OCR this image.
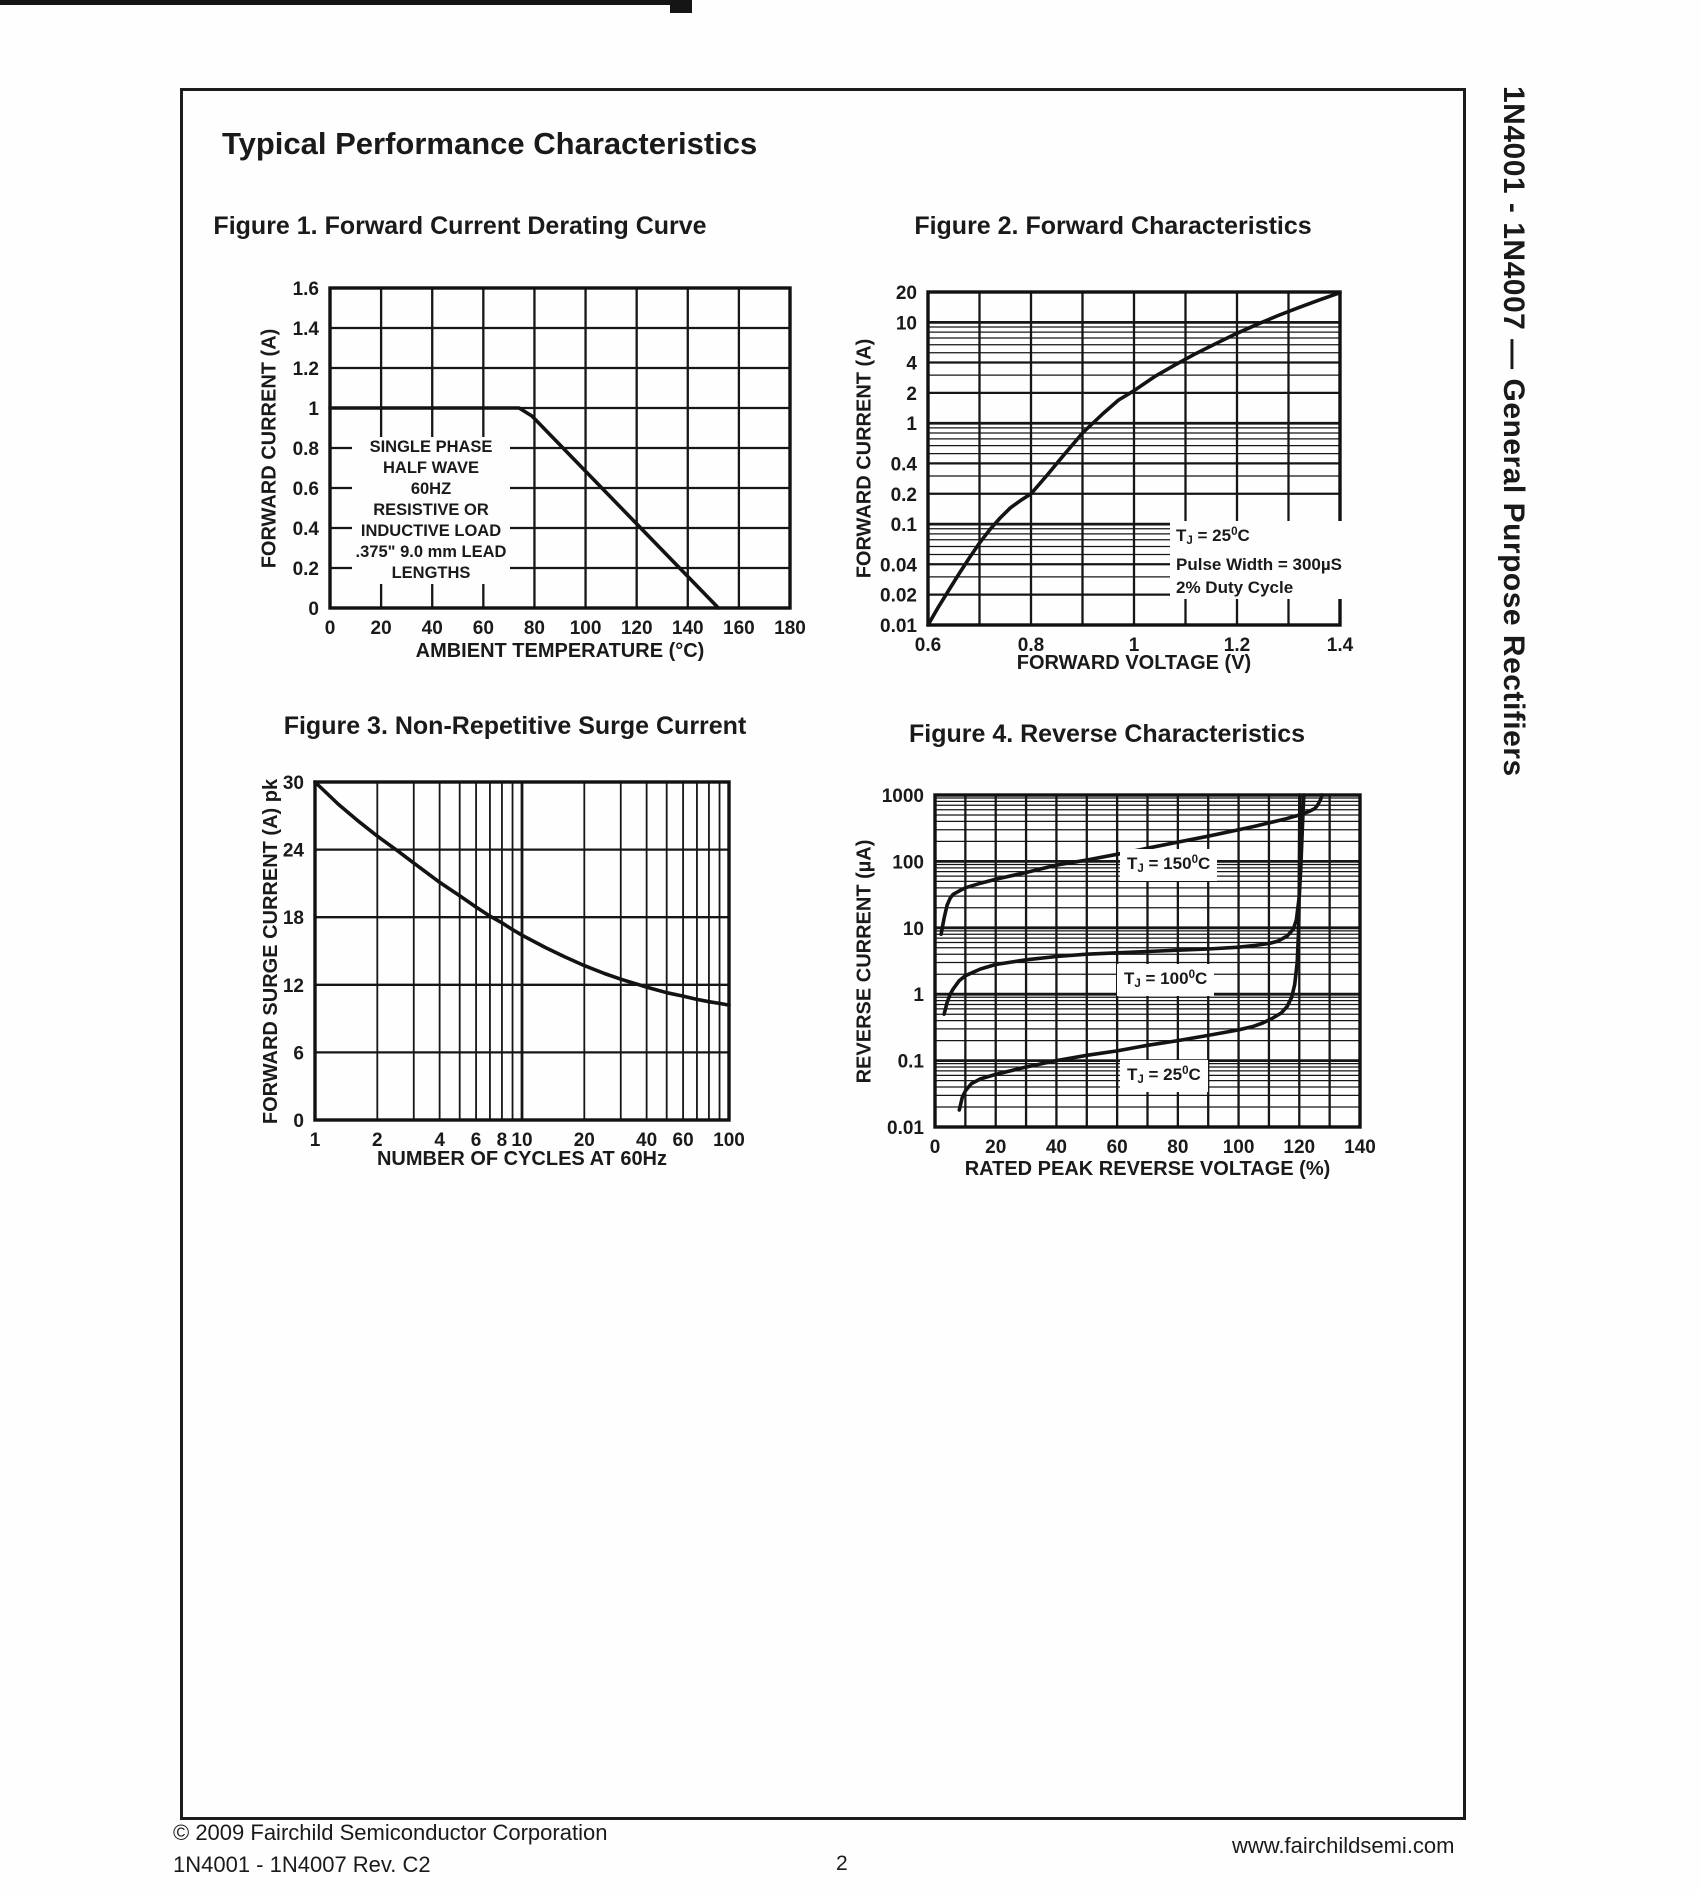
Typical Performance Characteristics
Figure 1. Forward Current Derating Curve	Figure 2. Forward Characteristics
Figure 3. Non-Repetitive Surge Current	Figure 4. Reverse Characteristics
AMBIENT TEMPERATURE (°C)
FORWARD VOLTAGE (V)
NUMBER OF CYCLES AT 60Hz	RATED PEAK REVERSE VOLTAGE (%)
FORWARD CURRENT (A)	FORWARD CURRENT (A)
FORWARD SURGE CURRENT (A) pk	REVERSE CURRENT (µA)
1N4001 - 1N4007 — General Purpose Rectifiers
© 2009 Fairchild Semiconductor Corporation
1N4001 - 1N4007 Rev. C2	2
www.fairchildsemi.com
0 20 40 60 80 100 120 140 160 180
1.6
1.4
1.2
1
0.8
0.6
0.4
0.2
0
0.6	0.8	1	1.2	1.4
20
10
4
2
1
0.4
0.2
0.1
0.04
0.02
0.01
1	2	4 6 8 10 20 40 60 100
30
24
18
12
6
0
0 20 40 60 80 100 120 140
1000
100
10
1
0.1
0.01
SINGLE PHASE
HALF WAVE
60HZ
RESISTIVE OR
INDUCTIVE LOAD
.375" 9.0 mm LEAD
LENGTHS
$T_J = 25^0C$
Pulse Width = 300µS
2% Duty Cycle
$T_J = 150^0C$
$T_J = 100^0C$
$T_J = 25^0C$
